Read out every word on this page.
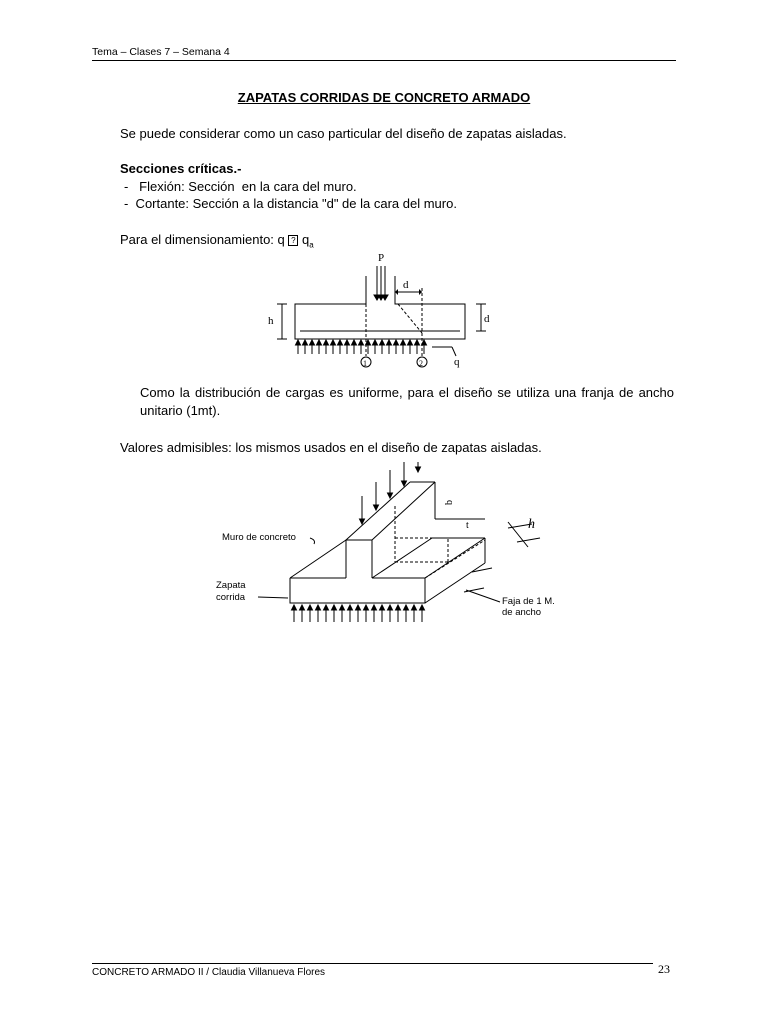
Tema – Clases 7 – Semana 4
ZAPATAS CORRIDAS DE CONCRETO ARMADO
Se puede considerar como un caso particular del diseño de zapatas aisladas.
Secciones críticas.-
-   Flexión: Sección  en la cara del muro.
-  Cortante: Sección a la distancia "d" de la cara del muro.
Para el dimensionamiento: q ? $q_a$
P
d
h	d
1	2	q
Como la distribución de cargas es uniforme, para el diseño se utiliza una franja de ancho unitario (1mt).
Valores admisibles: los mismos usados en el diseño de zapatas aisladas.
Muro de concreto
Zapata
corrida	Faja de 1 M.
de ancho
h
b
t
CONCRETO ARMADO II / Claudia Villanueva Flores	23
